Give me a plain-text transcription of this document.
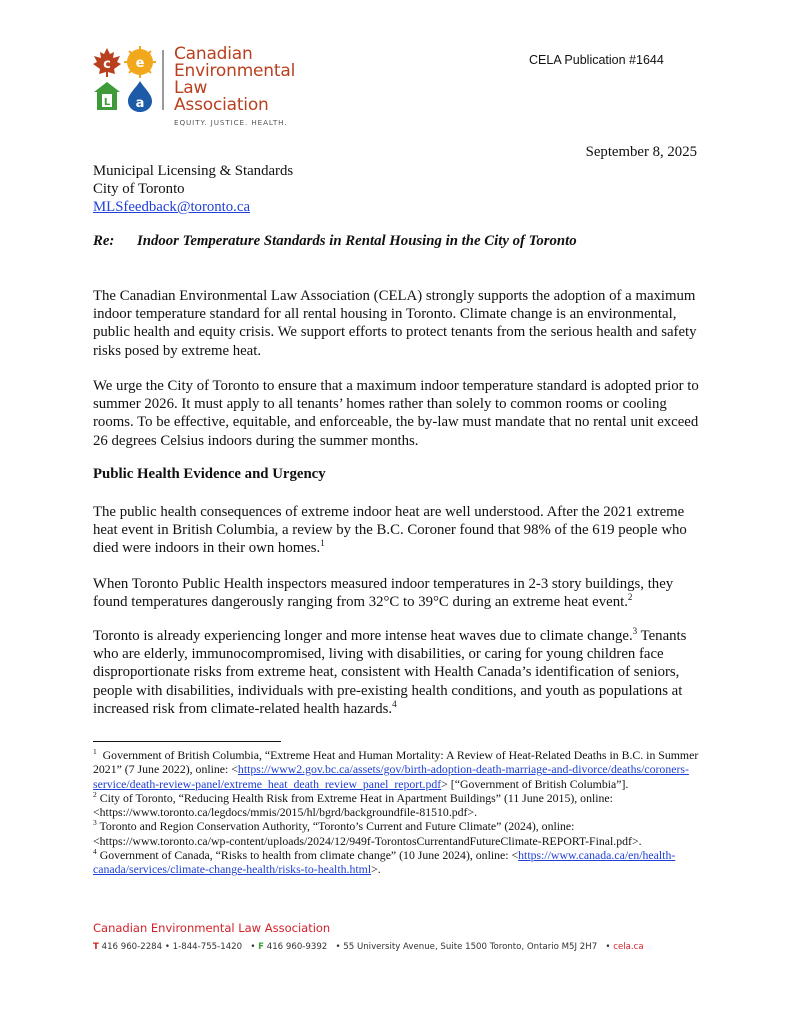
c e
L a
Canadian
Environmental Law
Association
EQUITY. JUSTICE. HEALTH.
CELA Publication #1644
September 8, 2025
Municipal Licensing & Standards
City of Toronto
MLSfeedback@toronto.ca
Re: Indoor Temperature Standards in Rental Housing in the City of Toronto
The Canadian Environmental Law Association (CELA) strongly supports the adoption of a maximum indoor temperature standard for all rental housing in Toronto. Climate change is an environmental, public health and equity crisis. We support efforts to protect tenants from the serious health and safety risks posed by extreme heat.
We urge the City of Toronto to ensure that a maximum indoor temperature standard is adopted prior to summer 2026. It must apply to all tenants’ homes rather than solely to common rooms or cooling rooms. To be effective, equitable, and enforceable, the by-law must mandate that no rental unit exceed 26 degrees Celsius indoors during the summer months.
Public Health Evidence and Urgency
The public health consequences of extreme indoor heat are well understood. After the 2021 extreme heat event in British Columbia, a review by the B.C. Coroner found that 98% of the 619 people who died were indoors in their own homes.$^1$
When Toronto Public Health inspectors measured indoor temperatures in 2-3 story buildings, they found temperatures dangerously ranging from 32°C to 39°C during an extreme heat event.$^2$
Toronto is already experiencing longer and more intense heat waves due to climate change.$^3$ Tenants who are elderly, immunocompromised, living with disabilities, or caring for young children face disproportionate risks from extreme heat, consistent with Health Canada’s identification of seniors, people with disabilities, individuals with pre-existing health conditions, and youth as populations at increased risk from climate-related health hazards.$^4$
$^1$ Government of British Columbia, “Extreme Heat and Human Mortality: A Review of Heat-Related Deaths in B.C. in Summer 2021” (7 June 2022), online: <https://www2.gov.bc.ca/assets/gov/birth-adoption-death-marriage-and-divorce/deaths/coroners-service/death-review-panel/extreme_heat_death_review_panel_report.pdf> [“Government of British Columbia”].
$^2$ City of Toronto, “Reducing Health Risk from Extreme Heat in Apartment Buildings” (11 June 2015), online: <https://www.toronto.ca/legdocs/mmis/2015/hl/bgrd/backgroundfile-81510.pdf>.
$^3$ Toronto and Region Conservation Authority, “Toronto’s Current and Future Climate” (2024), online: <https://www.toronto.ca/wp-content/uploads/2024/12/949f-TorontosCurrentandFutureClimate-REPORT-Final.pdf>.
$^4$ Government of Canada, “Risks to health from climate change” (10 June 2024), online: <https://www.canada.ca/en/health-canada/services/climate-change-health/risks-to-health.html>.
Canadian Environmental Law Association
T 416 960-2284 • 1-844-755-1420 • F 416 960-9392 • 55 University Avenue, Suite 1500 Toronto, Ontario M5J 2H7 • cela.ca
